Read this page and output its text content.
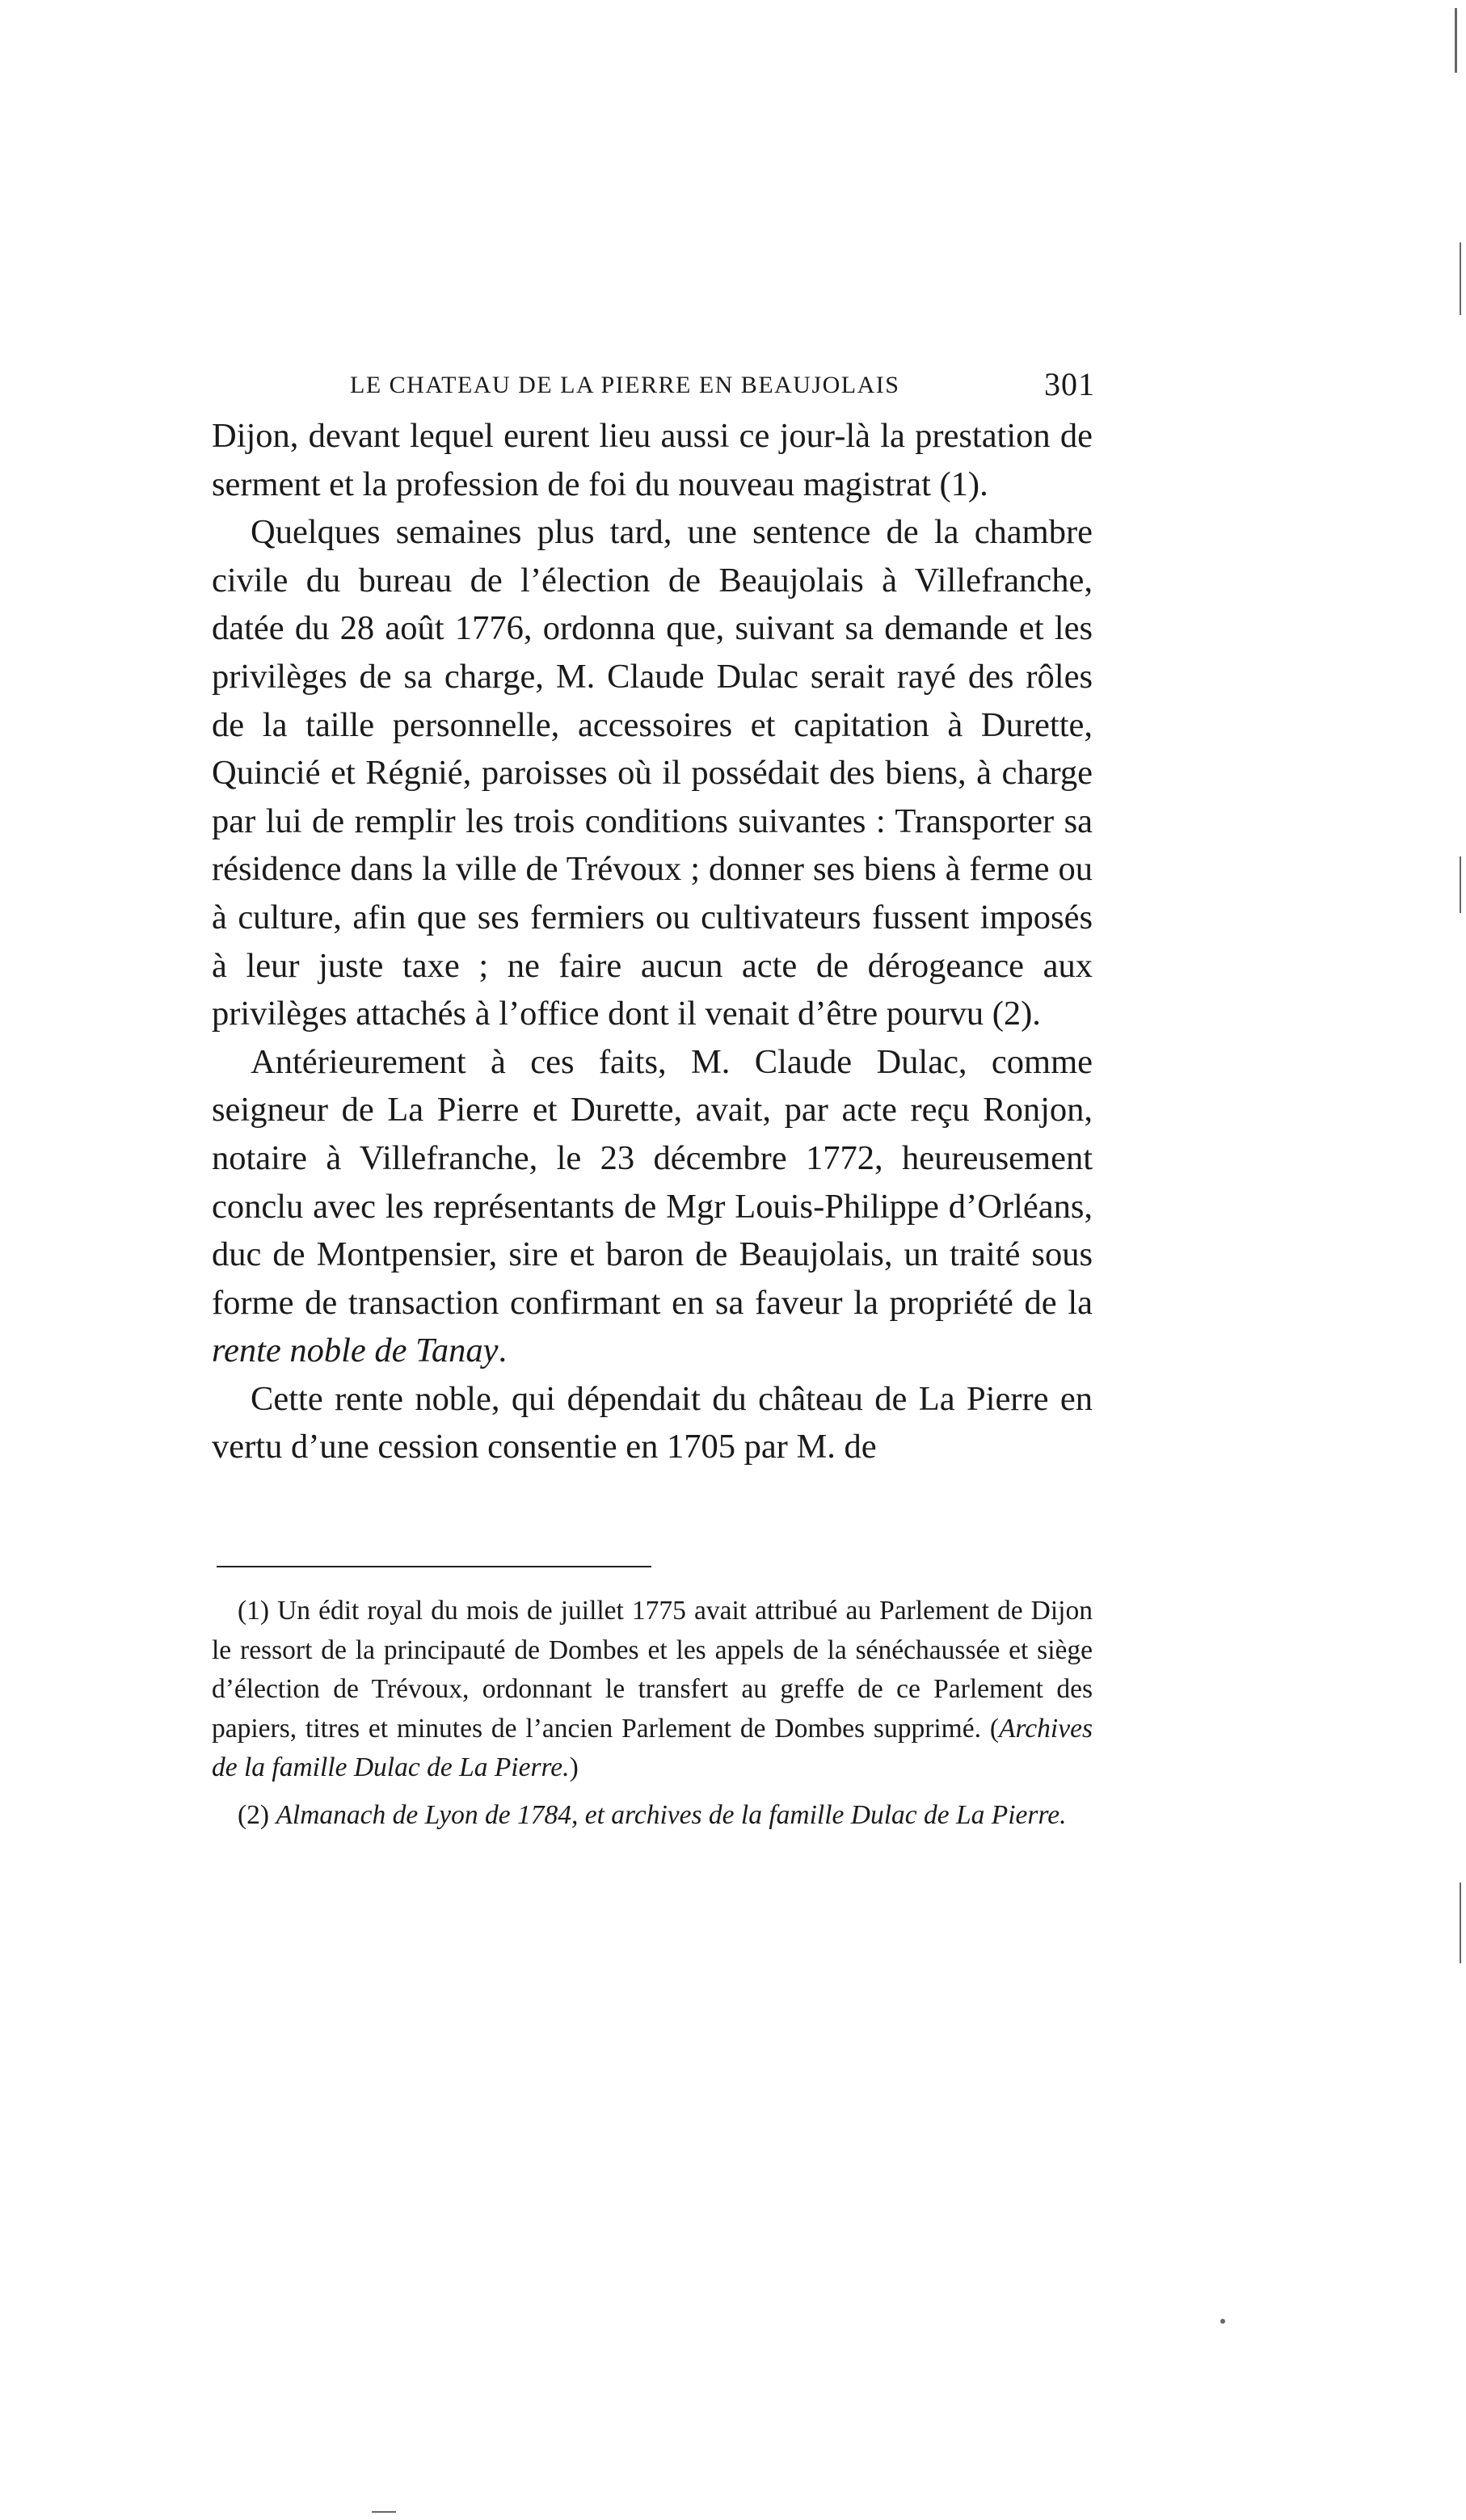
LE CHATEAU DE LA PIERRE EN BEAUJOLAIS	301

Dijon, devant lequel eurent lieu aussi ce jour-là la prestation de serment et la profession de foi du nouveau magistrat (1).

Quelques semaines plus tard, une sentence de la chambre civile du bureau de l’élection de Beaujolais à Villefranche, datée du 28 août 1776, ordonna que, suivant sa demande et les privilèges de sa charge, M. Claude Dulac serait rayé des rôles de la taille personnelle, accessoires et capitation à Durette, Quincié et Régnié, paroisses où il possédait des biens, à charge par lui de remplir les trois conditions suivantes : Transporter sa résidence dans la ville de Trévoux ; donner ses biens à ferme ou à culture, afin que ses fermiers ou cultivateurs fussent imposés à leur juste taxe ; ne faire aucun acte de dérogeance aux privilèges attachés à l’office dont il venait d’être pourvu (2).

Antérieurement à ces faits, M. Claude Dulac, comme seigneur de La Pierre et Durette, avait, par acte reçu Ronjon, notaire à Villefranche, le 23 décembre 1772, heureusement conclu avec les représentants de Mgr Louis-Philippe d’Orléans, duc de Montpensier, sire et baron de Beaujolais, un traité sous forme de transaction confirmant en sa faveur la propriété de la rente noble de Tanay.

Cette rente noble, qui dépendait du château de La Pierre en vertu d’une cession consentie en 1705 par M. de

(1) Un édit royal du mois de juillet 1775 avait attribué au Parlement de Dijon le ressort de la principauté de Dombes et les appels de la sénéchaussée et siège d’élection de Trévoux, ordonnant le transfert au greffe de ce Parlement des papiers, titres et minutes de l’ancien Parlement de Dombes supprimé. (Archives de la famille Dulac de La Pierre.)

(2) Almanach de Lyon de 1784, et archives de la famille Dulac de La Pierre.
